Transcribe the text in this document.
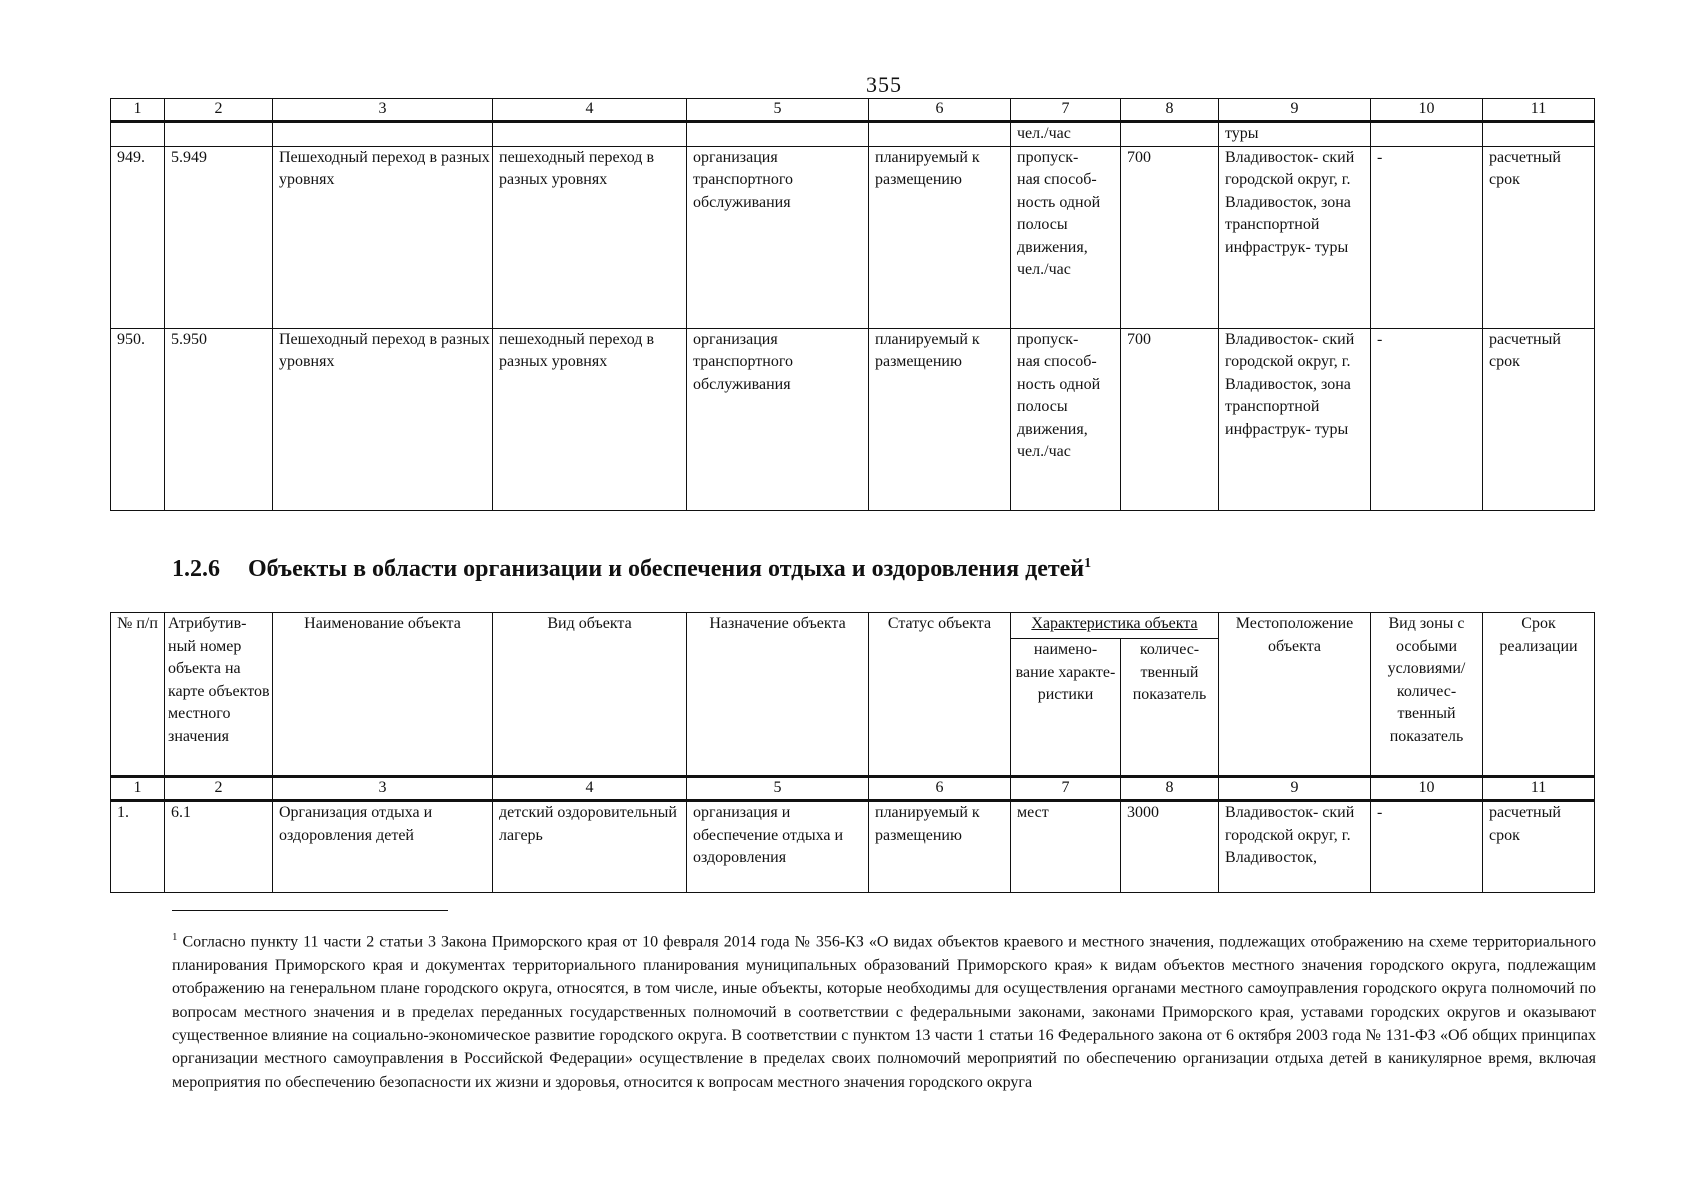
355
1	2	3	4	5	6	7	8	9	10	11
						чел./час		туры		
949.	5.949	Пешеходный переход в разных уровнях	пешеходный переход в разных уровнях	организация транспортного обслуживания	планируемый к размещению	пропуск- ная способ- ность одной полосы движения, чел./час	700	Владивосток- ский городской округ, г. Владивосток, зона транспортной инфраструк- туры	-	расчетный срок
950.	5.950	Пешеходный переход в разных уровнях	пешеходный переход в разных уровнях	организация транспортного обслуживания	планируемый к размещению	пропуск- ная способ- ность одной полосы движения, чел./час	700	Владивосток- ский городской округ, г. Владивосток, зона транспортной инфраструк- туры	-	расчетный срок
1.2.6 Объекты в области организации и обеспечения отдыха и оздоровления детей$^1$
№ п/п	Атрибутив- ный номер объекта на карте объектов местного значения	Наименование объекта	Вид объекта	Назначение объекта	Статус объекта	Характеристика объекта		Местоположение объекта	Вид зоны с особыми условиями/ количес- твенный показатель	Срок реализации
						наимено- вание характе- ристики	количес- твенный показатель			
1	2	3	4	5	6	7	8	9	10	11
1.	6.1	Организация отдыха и оздоровления детей	детский оздоровительный лагерь	организация и обеспечение отдыха и оздоровления	планируемый к размещению	мест	3000	Владивосток- ский городской округ, г. Владивосток,	-	расчетный срок
$^1$ Согласно пункту 11 части 2 статьи 3 Закона Приморского края от 10 февраля 2014 года № 356-КЗ «О видах объектов краевого и местного значения, подлежащих отображению на схеме территориального планирования Приморского края и документах территориального планирования муниципальных образований Приморского края» к видам объектов местного значения городского округа, подлежащим отображению на генеральном плане городского округа, относятся, в том числе, иные объекты, которые необходимы для осуществления органами местного самоуправления городского округа полномочий по вопросам местного значения и в пределах переданных государственных полномочий в соответствии с федеральными законами, законами Приморского края, уставами городских округов и оказывают существенное влияние на социально-экономическое развитие городского округа. В соответствии с пунктом 13 части 1 статьи 16 Федерального закона от 6 октября 2003 года № 131-ФЗ «Об общих принципах организации местного самоуправления в Российской Федерации» осуществление в пределах своих полномочий мероприятий по обеспечению организации отдыха детей в каникулярное время, включая мероприятия по обеспечению безопасности их жизни и здоровья, относится к вопросам местного значения городского округа
